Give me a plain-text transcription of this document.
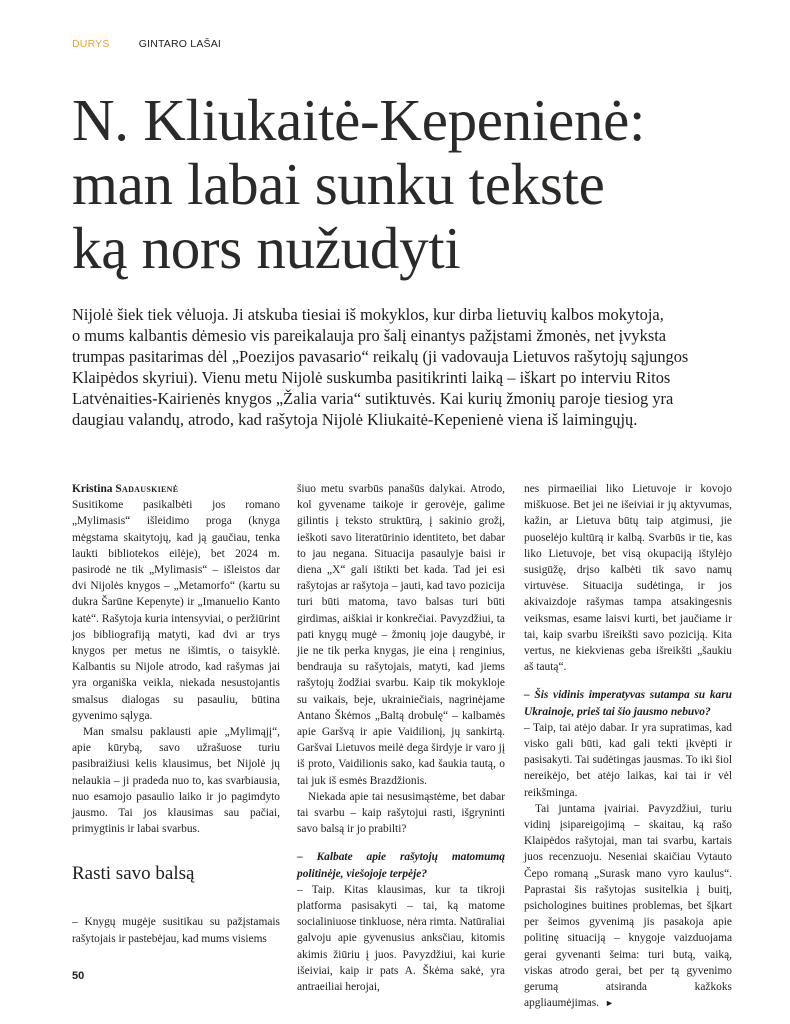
DURYS	GINTARO LAŠAI
N. Kliukaitė-Kepenienė:
man labai sunku tekste
ką nors nužudyti
Nijolė šiek tiek vėluoja. Ji atskuba tiesiai iš mokyklos, kur dirba lietuvių kalbos mokytoja,
o mums kalbantis dėmesio vis pareikalauja pro šalį einantys pažįstami žmonės, net įvyksta
trumpas pasitarimas dėl „Poezijos pavasario“ reikalų (ji vadovauja Lietuvos rašytojų sąjungos
Klaipėdos skyriui). Vienu metu Nijolė suskumba pasitikrinti laiką – iškart po interviu Ritos
Latvėnaities-Kairienės knygos „Žalia varia“ sutiktuvės. Kai kurių žmonių paroje tiesiog yra
daugiau valandų, atrodo, kad rašytoja Nijolė Kliukaitė-Kepenienė viena iš laimingųjų.

Kristina Sadauskienė

Susitikome pasikalbėti jos romano „Mylimasis“ išleidimo proga (knyga mėgstama skaitytojų, kad ją gaučiau, tenka laukti bibliotekos eilėje), bet 2024 m. pasirodė ne tik „Mylimasis“ – išleistos dar dvi Nijolės knygos – „Metamorfo“ (kartu su dukra Šarūne Kepenyte) ir „Imanuelio Kanto katė“. Rašytoja kuria intensyviai, o peržiūrint jos bibliografiją matyti, kad dvi ar trys knygos per metus ne išimtis, o taisyklė. Kalbantis su Nijole atrodo, kad rašymas jai yra organiška veikla, niekada nesustojantis smalsus dialogas su pasauliu, būtina gyvenimo sąlyga.

Man smalsu paklausti apie „Mylimąjį“, apie kūrybą, savo užrašuose turiu pasibraižiusi kelis klausimus, bet Nijolė jų nelaukia – ji pradeda nuo to, kas svarbiausia, nuo esamojo pasaulio laiko ir jo pagimdyto jausmo. Tai jos klausimas sau pačiai, primygtinis ir labai svarbus.

Rasti savo balsą

– Knygų mugėje susitikau su pažįstamais rašytojais ir pastebėjau, kad mums visiems

šiuo metu svarbūs panašūs dalykai. Atrodo, kol gyvename taikoje ir gerovėje, galime gilintis į teksto struktūrą, į sakinio grožį, ieškoti savo literatūrinio identiteto, bet dabar to jau negana. Situacija pasaulyje baisi ir diena „X“ gali ištikti bet kada. Tad jei esi rašytojas ar rašytoja – jauti, kad tavo pozicija turi būti matoma, tavo balsas turi būti girdimas, aiškiai ir konkrečiai. Pavyzdžiui, ta pati knygų mugė – žmonių joje daugybė, ir jie ne tik perka knygas, jie eina į renginius, bendrauja su rašytojais, matyti, kad jiems rašytojų žodžiai svarbu. Kaip tik mokykloje su vaikais, beje, ukrainiečiais, nagrinėjame Antano Škėmos „Baltą drobulę“ – kalbamės apie Garšvą ir apie Vaidilionį, jų sankirtą. Garšvai Lietuvos meilė dega širdyje ir varo jį iš proto, Vaidilionis sako, kad šaukia tautą, o tai juk iš esmės Brazdžionis.

Niekada apie tai nesusimąstėme, bet dabar tai svarbu – kaip rašytojui rasti, išgryninti savo balsą ir jo prabilti?

– Kalbate apie rašytojų matomumą politinėje, viešojoje terpėje?

– Taip. Kitas klausimas, kur ta tikroji platforma pasisakyti – tai, ką matome socialiniuose tinkluose, nėra rimta. Natūraliai galvoju apie gyvenusius anksčiau, kitomis akimis žiūriu į juos. Pavyzdžiui, kai kurie išeiviai, kaip ir pats A. Škėma sakė, yra antraeiliai herojai,

nes pirmaeiliai liko Lietuvoje ir kovojo miškuose. Bet jei ne išeiviai ir jų aktyvumas, kažin, ar Lietuva būtų taip atgimusi, jie puoselėjo kultūrą ir kalbą. Svarbūs ir tie, kas liko Lietuvoje, bet visą okupaciją ištylėjo susigūžę, drįso kalbėti tik savo namų virtuvėse. Situacija sudėtinga, ir jos akivaizdoje rašymas tampa atsakingesnis veiksmas, esame laisvi kurti, bet jaučiame ir tai, kaip svarbu išreikšti savo poziciją. Kita vertus, ne kiekvienas geba išreikšti „šaukiu aš tautą“.

– Šis vidinis imperatyvas sutampa su karu Ukrainoje, prieš tai šio jausmo nebuvo?

– Taip, tai atėjo dabar. Ir yra supratimas, kad visko gali būti, kad gali tekti įkvėpti ir pasisakyti. Tai sudėtingas jausmas. To iki šiol nereikėjo, bet atėjo laikas, kai tai ir vėl reikšminga.

Tai juntama įvairiai. Pavyzdžiui, turiu vidinį įsipareigojimą – skaitau, ką rašo Klaipėdos rašytojai, man tai svarbu, kartais juos recenzuoju. Neseniai skaičiau Vytauto Čepo romaną „Surask mano vyro kaulus“. Paprastai šis rašytojas susitelkia į buitį, psichologines buitines problemas, bet šįkart per šeimos gyvenimą jis pasakoja apie politinę situaciją – knygoje vaizduojama gerai gyvenanti šeima: turi butą, vaiką, viskas atrodo gerai, bet per tą gyvenimo gerumą atsiranda kažkoks apgliaumėjimas. ►

50
